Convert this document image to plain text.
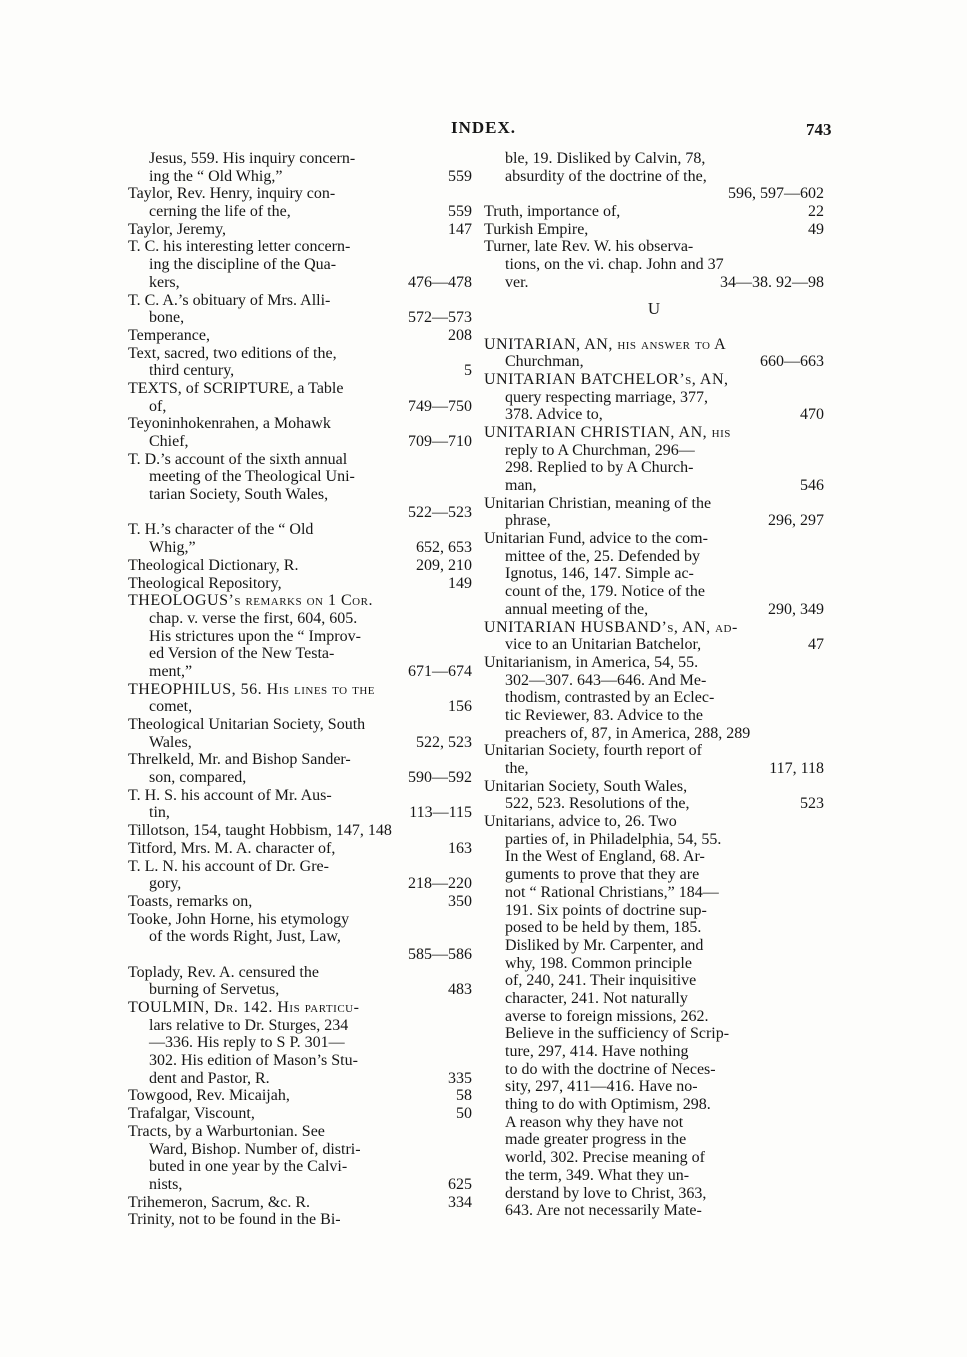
INDEX.	743
Jesus, 559. His inquiry concern-
ing the “ Old Whig,”	559
Taylor, Rev. Henry, inquiry con-
cerning the life of the,	559
Taylor, Jeremy,	147
T. C. his interesting letter concern-
ing the discipline of the Qua-
kers,	476—478
T. C. A.’s obituary of Mrs. Alli-
bone,	572—573
Temperance,	208
Text, sacred, two editions of the,
third century,	5
TEXTS, of SCRIPTURE, a Table
of,	749—750
Teyoninhokenrahen, a Mohawk
Chief,	709—710
T. D.’s account of the sixth annual
meeting of the Theological Uni-
tarian Society, South Wales,
522—523
T. H.’s character of the “ Old
Whig,”	652, 653
Theological Dictionary, R.	209, 210
Theological Repository,	149
THEOLOGUS’s remarks on 1 Cor.
chap. v. verse the first, 604, 605.
His strictures upon the “ Improv-
ed Version of the New Testa-
ment,”	671—674
THEOPHILUS, 56. His lines to the
comet,	156
Theological Unitarian Society, South
Wales,	522, 523
Threlkeld, Mr. and Bishop Sander-
son, compared,	590—592
T. H. S. his account of Mr. Aus-
tin,	113—115
Tillotson, 154, taught Hobbism, 147, 148
Titford, Mrs. M. A. character of,	163
T. L. N. his account of Dr. Gre-
gory,	218—220
Toasts, remarks on,	350
Tooke, John Horne, his etymology
of the words Right, Just, Law,
585—586
Toplady, Rev. A. censured the
burning of Servetus,	483
TOULMIN, Dr. 142. His particu-
lars relative to Dr. Sturges, 234
—336. His reply to S P. 301—
302. His edition of Mason’s Stu-
dent and Pastor, R.	335
Towgood, Rev. Micaijah,	58
Trafalgar, Viscount,	50
Tracts, by a Warburtonian. See
Ward, Bishop. Number of, distri-
buted in one year by the Calvi-
nists,	625
Trihemeron, Sacrum, &c. R.	334
Trinity, not to be found in the Bi-
ble, 19. Disliked by Calvin, 78,
absurdity of the doctrine of the,
596, 597—602
Truth, importance of,	22
Turkish Empire,	49
Turner, late Rev. W. his observa-
tions, on the vi. chap. John and 37
ver.	34—38. 92—98
U
UNITARIAN, AN, his answer to A
Churchman,	660—663
UNITARIAN BATCHELOR’s, AN,
query respecting marriage, 377,
378. Advice to,	470
UNITARIAN CHRISTIAN, AN, his
reply to A Churchman, 296—
298. Replied to by A Church-
man,	546
Unitarian Christian, meaning of the
phrase,	296, 297
Unitarian Fund, advice to the com-
mittee of the, 25. Defended by
Ignotus, 146, 147. Simple ac-
count of the, 179. Notice of the
annual meeting of the,	290, 349
UNITARIAN HUSBAND’s, AN, ad-
vice to an Unitarian Batchelor,	47
Unitarianism, in America, 54, 55.
302—307. 643—646. And Me-
thodism, contrasted by an Eclec-
tic Reviewer, 83. Advice to the
preachers of, 87, in America, 288, 289
Unitarian Society, fourth report of
the,	117, 118
Unitarian Society, South Wales,
522, 523. Resolutions of the,	523
Unitarians, advice to, 26. Two
parties of, in Philadelphia, 54, 55.
In the West of England, 68. Ar-
guments to prove that they are
not “ Rational Christians,” 184—
191. Six points of doctrine sup-
posed to be held by them, 185.
Disliked by Mr. Carpenter, and
why, 198. Common principle
of, 240, 241. Their inquisitive
character, 241. Not naturally
averse to foreign missions, 262.
Believe in the sufficiency of Scrip-
ture, 297, 414. Have nothing
to do with the doctrine of Neces-
sity, 297, 411—416. Have no-
thing to do with Optimism, 298.
A reason why they have not
made greater progress in the
world, 302. Precise meaning of
the term, 349. What they un-
derstand by love to Christ, 363,
643. Are not necessarily Mate-
